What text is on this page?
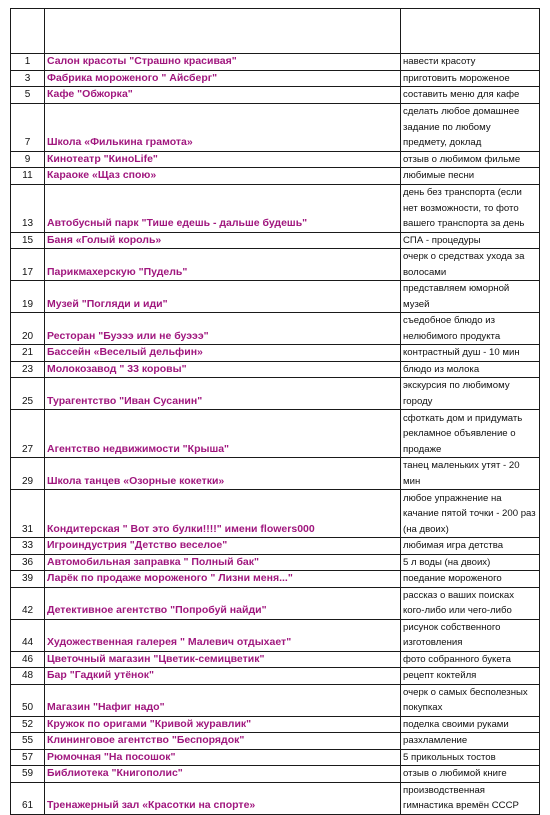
1	Салон красоты "Страшно красивая"	навести красоту
3	Фабрика мороженого " Айсберг"	приготовить мороженое
5	Кафе "Обжорка"	составить меню для кафе
7	Школа «Филькина грамота»	сделать любое домашнее задание по любому предмету, доклад
9	Кинотеатр "КиноLife"	отзыв о любимом фильме
11	Караоке «Щаз спою»	любимые песни
13	Автобусный парк "Тише едешь - дальше будешь"	день без транспорта (если нет возможности, то фото вашего транспорта за день
15	Баня «Голый король»	СПА - процедуры
17	Парикмахерскую "Пудель"	очерк о средствах ухода за волосами
19	Музей "Погляди и иди"	представляем юморной музей
20	Ресторан "Буэээ или не буэээ"	съедобное блюдо из нелюбимого продукта
21	Бассейн «Веселый дельфин»	контрастный душ - 10 мин
23	Молокозавод " 33 коровы"	блюдо из молока
25	Турагентство "Иван Сусанин"	экскурсия по любимому городу
27	Агентство недвижимости "Крыша"	сфоткать дом и придумать рекламное объявление о продаже
29	Школа танцев «Озорные кокетки»	танец маленьких утят - 20 мин
31	Кондитерская " Вот это булки!!!!" имени flowers000	любое упражнение на качание пятой точки - 200 раз (на двоих)
33	Игроиндустрия "Детство веселое"	любимая игра детства
36	Автомобильная заправка " Полный бак"	5 л воды (на двоих)
39	Ларёк по продаже мороженого " Лизни меня..."	поедание мороженого
42	Детективное агентство "Попробуй найди"	рассказ о ваших поисках кого-либо или чего-либо
44	Художественная галерея " Малевич отдыхает"	рисунок собственного изготовления
46	Цветочный магазин "Цветик-семицветик"	фото собранного букета
48	Бар "Гадкий утёнок"	рецепт коктейля
50	Магазин "Нафиг надо"	очерк о самых бесполезных покупках
52	Кружок по оригами "Кривой журавлик"	поделка своими руками
55	Клининговое агентство "Беспорядок"	разхламление
57	Рюмочная "На посошок"	5 прикольных тостов
59	Библиотека "Книгополис"	отзыв о любимой книге
61	Тренажерный зал «Красотки на спорте»	производственная гимнастика времён СССР
